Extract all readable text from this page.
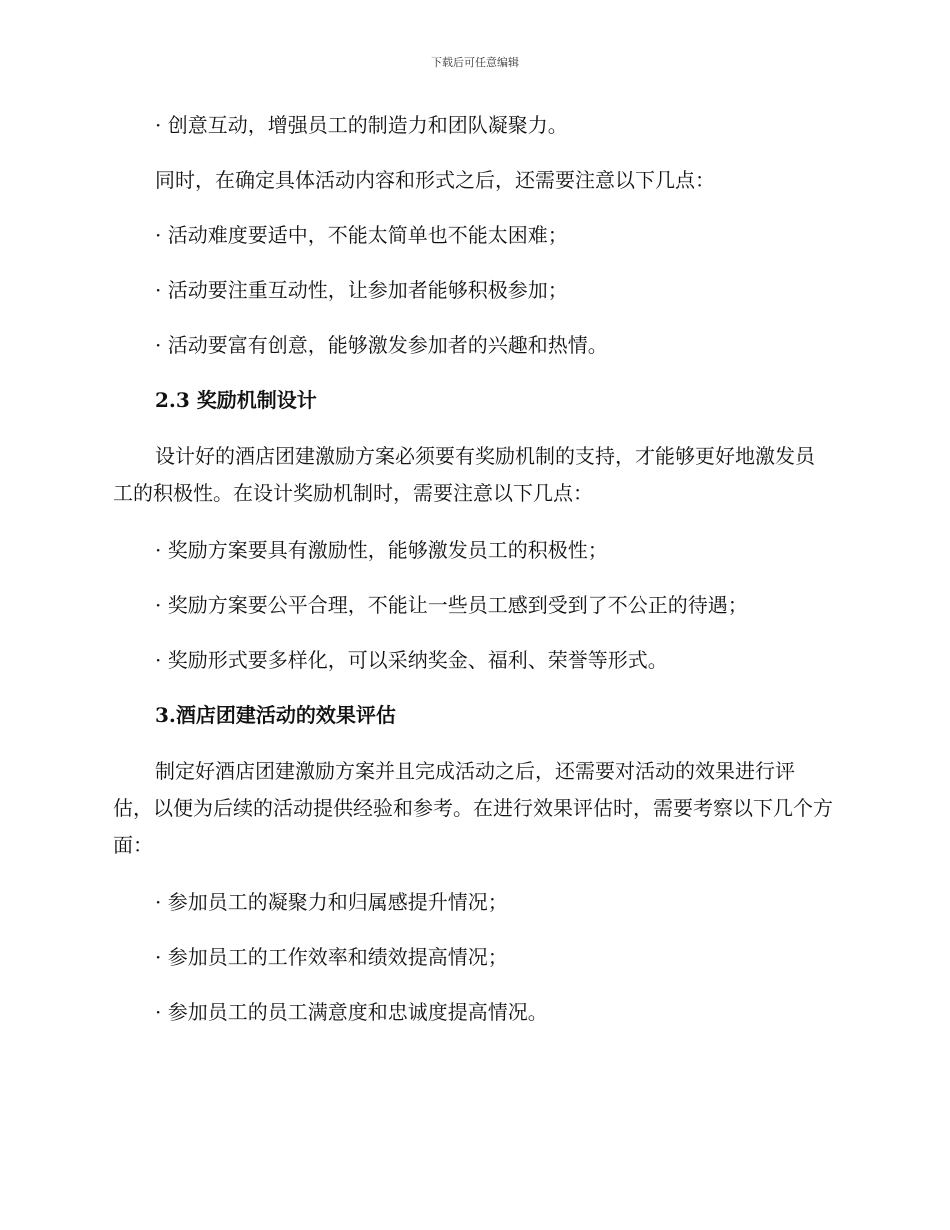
下载后可任意编辑
· 创意互动，增强员工的制造力和团队凝聚力。
同时，在确定具体活动内容和形式之后，还需要注意以下几点：
· 活动难度要适中，不能太简单也不能太困难；
· 活动要注重互动性，让参加者能够积极参加；
· 活动要富有创意，能够激发参加者的兴趣和热情。
2.3 奖励机制设计
设计好的酒店团建激励方案必须要有奖励机制的支持，才能够更好地激发员工的积极性。在设计奖励机制时，需要注意以下几点：
· 奖励方案要具有激励性，能够激发员工的积极性；
· 奖励方案要公平合理，不能让一些员工感到受到了不公正的待遇；
· 奖励形式要多样化，可以采纳奖金、福利、荣誉等形式。
3.酒店团建活动的效果评估
制定好酒店团建激励方案并且完成活动之后，还需要对活动的效果进行评估，以便为后续的活动提供经验和参考。在进行效果评估时，需要考察以下几个方面：
· 参加员工的凝聚力和归属感提升情况；
· 参加员工的工作效率和绩效提高情况；
· 参加员工的员工满意度和忠诚度提高情况。
